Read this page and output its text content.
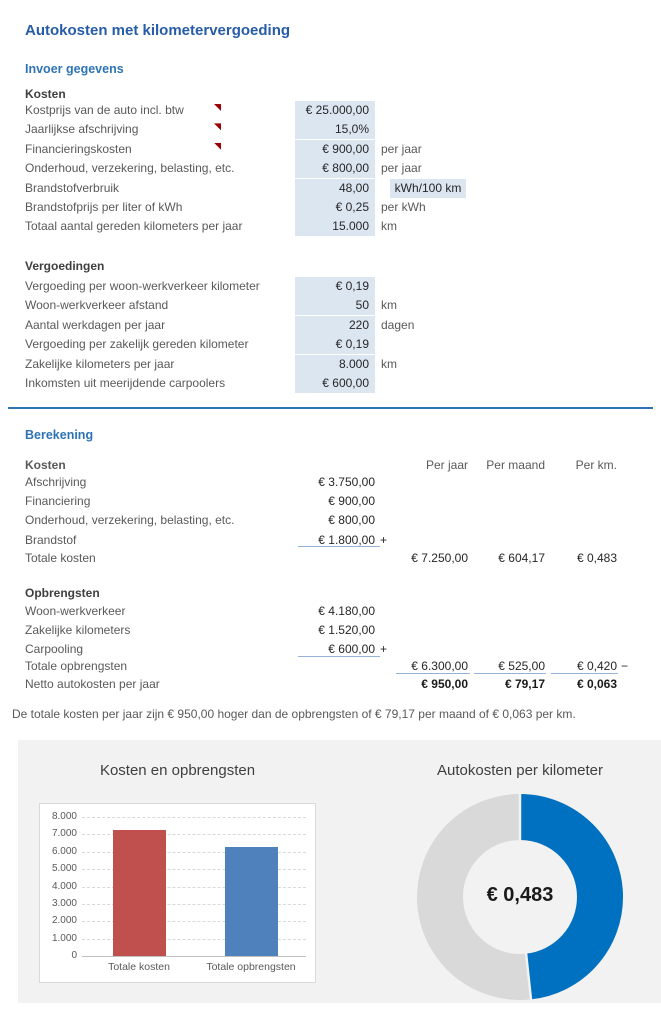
Autokosten met kilometervergoeding
Invoer gegevens
Kosten
Kostprijs van de auto incl. btw	€ 25.000,00
Jaarlijkse afschrijving	15,0%
Financieringskosten	€ 900,00	per jaar
Onderhoud, verzekering, belasting, etc.	€ 800,00	per jaar
Brandstofverbruik	48,00	kWh/100 km
Brandstofprijs per liter of kWh	€ 0,25	per kWh
Totaal aantal gereden kilometers per jaar	15.000	km
Vergoedingen
Vergoeding per woon-werkverkeer kilometer	€ 0,19
Woon-werkverkeer afstand	50	km
Aantal werkdagen per jaar	220	dagen
Vergoeding per zakelijk gereden kilometer	€ 0,19
Zakelijke kilometers per jaar	8.000	km
Inkomsten uit meerijdende carpoolers	€ 600,00
Berekening
Kosten	Per jaar	Per maand	Per km.
Afschrijving	€ 3.750,00
Financiering	€ 900,00
Onderhoud, verzekering, belasting, etc.	€ 800,00
Brandstof	€ 1.800,00 +
Totale kosten	€ 7.250,00	€ 604,17	€ 0,483
Opbrengsten
Woon-werkverkeer	€ 4.180,00
Zakelijke kilometers	€ 1.520,00
Carpooling	€ 600,00 +
Totale opbrengsten	€ 6.300,00	€ 525,00	€ 0,420 −
Netto autokosten per jaar	€ 950,00	€ 79,17	€ 0,063
De totale kosten per jaar zijn € 950,00 hoger dan de opbrengsten of € 79,17 per maand of € 0,063 per km.
Kosten en opbrengsten
0
1.000
2.000
3.000
4.000
5.000
6.000
7.000
8.000
Totale kosten	Totale opbrengsten
Autokosten per kilometer
€ 0,483
